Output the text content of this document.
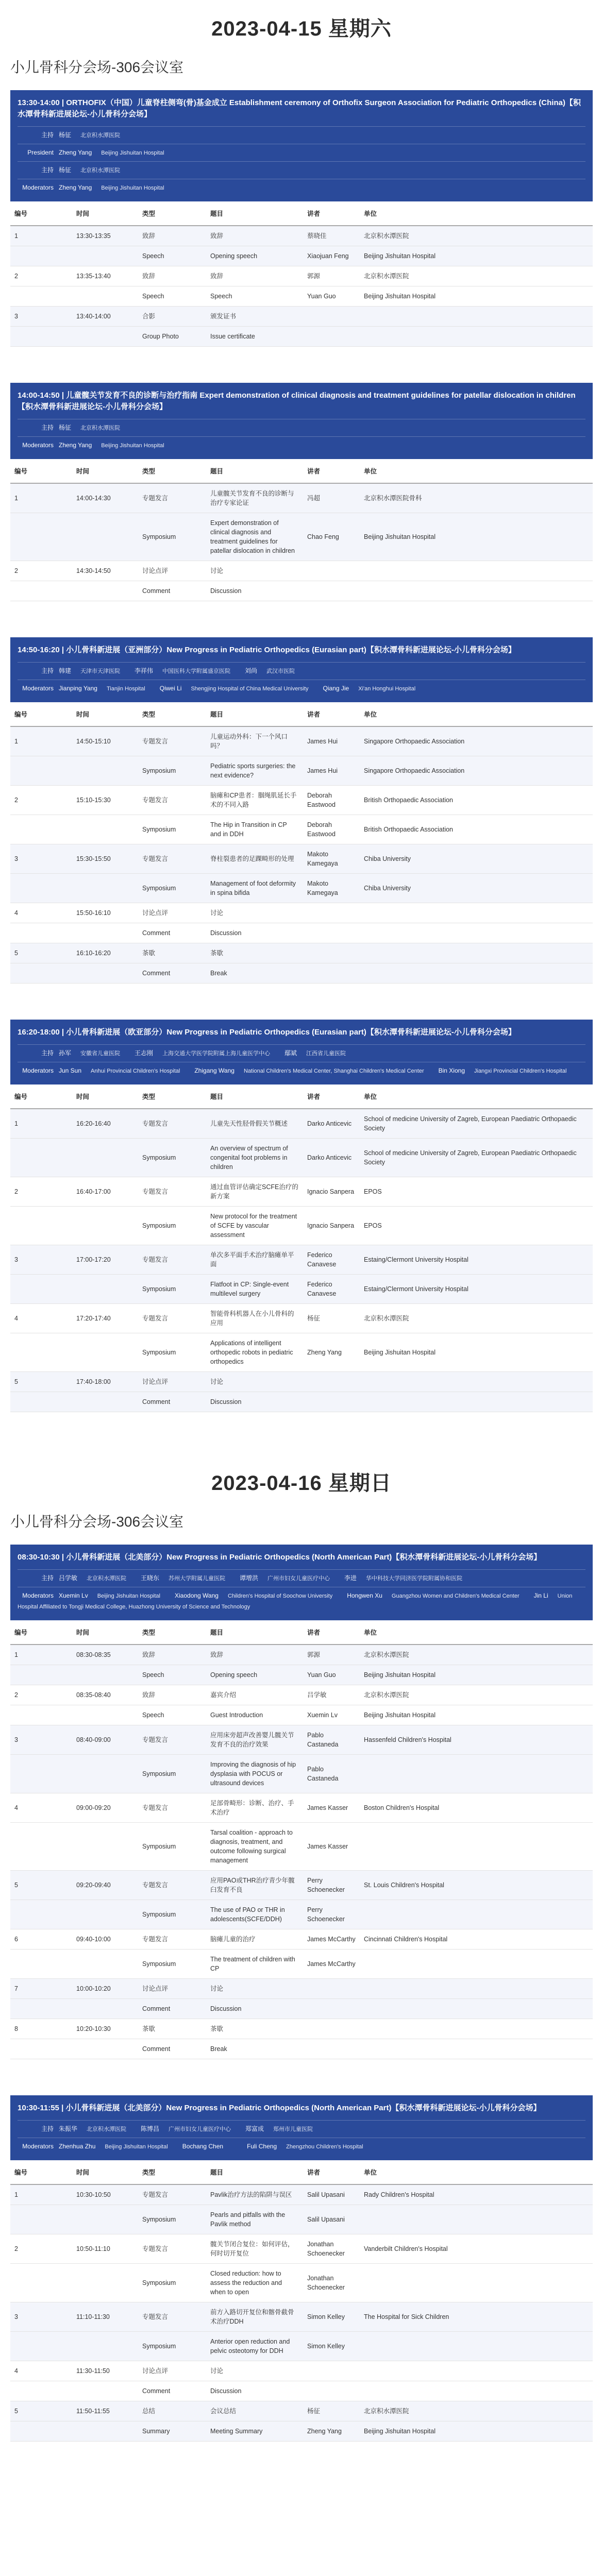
2023-04-15 星期六
小儿骨科分会场-306会议室
13:30-14:00 | ORTHOFIX（中国）儿童脊柱侧弯(骨)基金成立 Establishment ceremony of Orthofix Surgeon Association for Pediatric Orthopedics (China)【积水潭骨科新进展论坛-小儿骨科分会场】
主持 杨征 北京积水潭医院
President Zheng Yang Beijing Jishuitan Hospital
主持 杨征 北京积水潭医院
Moderators Zheng Yang Beijing Jishuitan Hospital
编号	时间	类型	题目	讲者	单位
1	13:30-13:35	致辞	致辞	蔡晓佳	北京积水潭医院
		Speech	Opening speech	Xiaojuan Feng	Beijing Jishuitan Hospital
2	13:35-13:40	致辞	致辞	郭源	北京积水潭医院
		Speech	Speech	Yuan Guo	Beijing Jishuitan Hospital
3	13:40-14:00	合影	颁发证书		
		Group Photo	Issue certificate		
14:00-14:50 | 儿童髋关节发育不良的诊断与治疗指南 Expert demonstration of clinical diagnosis and treatment guidelines for patellar dislocation in children【积水潭骨科新进展论坛-小儿骨科分会场】
主持 杨征 北京积水潭医院
Moderators Zheng Yang Beijing Jishuitan Hospital
编号	时间	类型	题目	讲者	单位
1	14:00-14:30	专题发言	儿童髋关节发育不良的诊断与治疗专家论证	冯超	北京积水潭医院骨科
		Symposium	Expert demonstration of clinical diagnosis and treatment guidelines for patellar dislocation in children	Chao Feng	Beijing Jishuitan Hospital
2	14:30-14:50	讨论点评	讨论		
		Comment	Discussion		
14:50-16:20 | 小儿骨科新进展（亚洲部分）New Progress in Pediatric Orthopedics (Eurasian part)【积水潭骨科新进展论坛-小儿骨科分会场】
主持 韩建 天津市天津医院 李祥伟 中国医科大学附属盛京医院 刘尚 武汉市医院
Moderators Jianping Yang Tianjin Hospital Qiwei Li Shengjing Hospital of China Medical University Qiang Jie Xi'an Honghui Hospital
编号	时间	类型	题目	讲者	单位
1	14:50-15:10	专题发言	儿童运动外科：下一个风口吗？	James Hui	Singapore Orthopaedic Association
		Symposium	Pediatric sports surgeries: the next evidence?	James Hui	Singapore Orthopaedic Association
2	15:10-15:30	专题发言	脑瘫和CP患者：腘绳肌延长手术的不同入路	Deborah Eastwood	British Orthopaedic Association
		Symposium	The Hip in Transition in CP and in DDH	Deborah Eastwood	British Orthopaedic Association
3	15:30-15:50	专题发言	脊柱裂患者的足踝畸形的处理	Makoto Kamegaya	Chiba University
		Symposium	Management of foot deformity in spina bifida	Makoto Kamegaya	Chiba University
4	15:50-16:10	讨论点评	讨论		
		Comment	Discussion		
5	16:10-16:20	茶歇	茶歇		
		Comment	Break		
16:20-18:00 | 小儿骨科新进展（欧亚部分）New Progress in Pediatric Orthopedics (Eurasian part)【积水潭骨科新进展论坛-小儿骨科分会场】
主持 孙军 安徽省儿童医院 王志刚 上海交通大学医学院附属上海儿童医学中心 鄢斌 江西省儿童医院
Moderators Jun Sun Anhui Provincial Children's Hospital Zhigang Wang National Children's Medical Center, Shanghai Children's Medical Center Bin Xiong Jiangxi Provincial Children's Hospital
编号	时间	类型	题目	讲者	单位
1	16:20-16:40	专题发言	儿童先天性胫骨假关节概述	Darko Anticevic	School of medicine University of Zagreb, European Paediatric Orthopaedic Society
		Symposium	An overview of spectrum of congenital foot problems in children	Darko Anticevic	School of medicine University of Zagreb, European Paediatric Orthopaedic Society
2	16:40-17:00	专题发言	通过血管评估确定SCFE治疗的新方案	Ignacio Sanpera	EPOS
		Symposium	New protocol for the treatment of SCFE by vascular assessment	Ignacio Sanpera	EPOS
3	17:00-17:20	专题发言	单次多平面手术治疗脑瘫单平面	Federico Canavese	Estaing/Clermont University Hospital
		Symposium	Flatfoot in CP: Single-event multilevel surgery	Federico Canavese	Estaing/Clermont University Hospital
4	17:20-17:40	专题发言	智能骨科机器人在小儿骨科的应用	杨征	北京积水潭医院
		Symposium	Applications of intelligent orthopedic robots in pediatric orthopedics	Zheng Yang	Beijing Jishuitan Hospital
5	17:40-18:00	讨论点评	讨论		
		Comment	Discussion		
2023-04-16 星期日
小儿骨科分会场-306会议室
08:30-10:30 | 小儿骨科新进展（北美部分）New Progress in Pediatric Orthopedics (North American Part)【积水潭骨科新进展论坛-小儿骨科分会场】
主持 吕学敏 北京积水潭医院 王晓东 苏州大学附属儿童医院 谭增洪 广州市妇女儿童医疗中心 李进 华中科技大学同济医学院附属协和医院
Moderators Xuemin Lv Beijing Jishuitan Hospital Xiaodong Wang Children's Hospital of Soochow University Hongwen Xu Guangzhou Women and Children's Medical Center Jin Li Union Hospital Affiliated to Tongji Medical College, Huazhong University of Science and Technology
编号	时间	类型	题目	讲者	单位
1	08:30-08:35	致辞	致辞	郭源	北京积水潭医院
		Speech	Opening speech	Yuan Guo	Beijing Jishuitan Hospital
2	08:35-08:40	致辞	嘉宾介绍	吕学敏	北京积水潭医院
		Speech	Guest Introduction	Xuemin Lv	Beijing Jishuitan Hospital
3	08:40-09:00	专题发言	应用床旁超声改善婴儿髋关节发育不良的治疗效果	Pablo Castaneda	Hassenfeld Children's Hospital
		Symposium	Improving the diagnosis of hip dysplasia with POCUS or ultrasound devices	Pablo Castaneda	
4	09:00-09:20	专题发言	足部骨畸形：诊断、治疗、手术治疗	James Kasser	Boston Children's Hospital
		Symposium	Tarsal coalition - approach to diagnosis, treatment, and outcome following surgical management	James Kasser	
5	09:20-09:40	专题发言	应用PAO或THR治疗青少年髋臼发育不良	Perry Schoenecker	St. Louis Children's Hospital
		Symposium	The use of PAO or THR in adolescents(SCFE/DDH)	Perry Schoenecker	
6	09:40-10:00	专题发言	脑瘫儿童的治疗	James McCarthy	Cincinnati Children's Hospital
		Symposium	The treatment of children with CP	James McCarthy	
7	10:00-10:20	讨论点评	讨论		
		Comment	Discussion		
8	10:20-10:30	茶歇	茶歇		
		Comment	Break		
10:30-11:55 | 小儿骨科新进展（北美部分）New Progress in Pediatric Orthopedics (North American Part)【积水潭骨科新进展论坛-小儿骨科分会场】
主持 朱振华 北京积水潭医院 陈博昌 广州市妇女儿童医疗中心 郑富成 郑州市儿童医院
Moderators Zhenhua Zhu Beijing Jishuitan Hospital Bochang Chen	Fuli Cheng Zhengzhou Children's Hospital
编号	时间	类型	题目	讲者	单位
1	10:30-10:50	专题发言	Pavlik治疗方法的陷阱与误区	Salil Upasani	Rady Children's Hospital
		Symposium	Pearls and pitfalls with the Pavlik method	Salil Upasani	
2	10:50-11:10	专题发言	髋关节闭合复位：如何评估，何时切开复位	Jonathan Schoenecker	Vanderbilt Children's Hospital
		Symposium	Closed reduction: how to assess the reduction and when to open	Jonathan Schoenecker	
3	11:10-11:30	专题发言	前方入路切开复位和髂骨截骨术治疗DDH	Simon Kelley	The Hospital for Sick Children
		Symposium	Anterior open reduction and pelvic osteotomy for DDH	Simon Kelley	
4	11:30-11:50	讨论点评	讨论		
		Comment	Discussion		
5	11:50-11:55	总结	会议总结	杨征	北京积水潭医院
		Summary	Meeting Summary	Zheng Yang	Beijing Jishuitan Hospital
